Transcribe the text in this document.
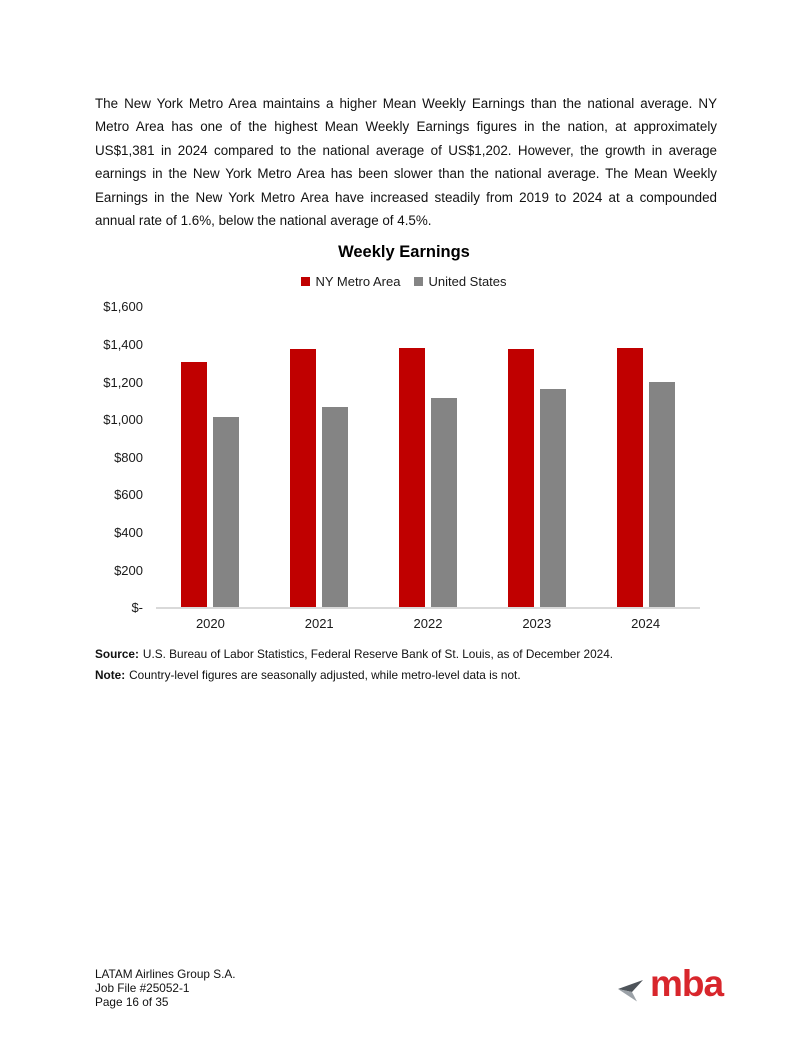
The New York Metro Area maintains a higher Mean Weekly Earnings than the national average. NY Metro Area has one of the highest Mean Weekly Earnings figures in the nation, at approximately US$1,381 in 2024 compared to the national average of US$1,202. However, the growth in average earnings in the New York Metro Area has been slower than the national average. The Mean Weekly Earnings in the New York Metro Area have increased steadily from 2019 to 2024 at a compounded annual rate of 1.6%, below the national average of 4.5%.

Weekly Earnings
NY Metro Area United States
$-
$200
$400
$600
$800
$1,000
$1,200
$1,400
$1,600
2020	2021	2022	2023	2024
Source: U.S. Bureau of Labor Statistics, Federal Reserve Bank of St. Louis, as of December 2024.
Note: Country-level figures are seasonally adjusted, while metro-level data is not.
LATAM Airlines Group S.A.
Job File #25052-1
Page 16 of 35	mba
